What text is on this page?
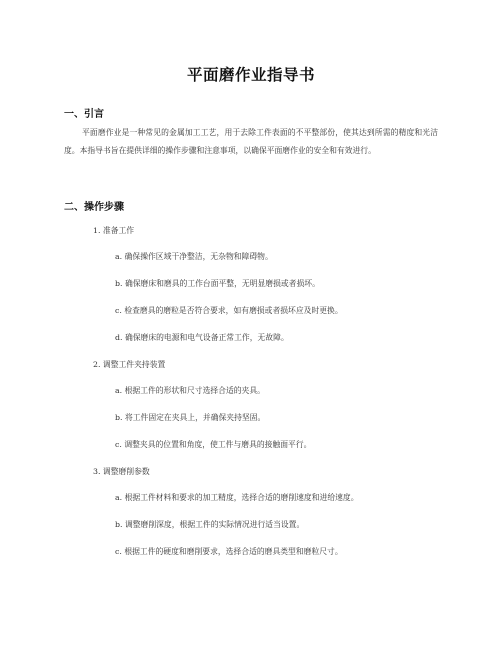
平面磨作业指导书
一、引言
平面磨作业是一种常见的金属加工工艺，用于去除工件表面的不平整部份，使其达到所需的精度和光洁度。本指导书旨在提供详细的操作步骤和注意事项，以确保平面磨作业的安全和有效进行。
二、操作步骤
1. 准备工作
a. 确保操作区域干净整洁，无杂物和障碍物。
b. 确保磨床和磨具的工作台面平整，无明显磨损或者损坏。
c. 检查磨具的磨粒是否符合要求，如有磨损或者损坏应及时更换。
d. 确保磨床的电源和电气设备正常工作，无故障。
2. 调整工件夹持装置
a. 根据工件的形状和尺寸选择合适的夹具。
b. 将工件固定在夹具上，并确保夹持坚固。
c. 调整夹具的位置和角度，使工件与磨具的接触面平行。
3. 调整磨削参数
a. 根据工件材料和要求的加工精度，选择合适的磨削速度和进给速度。
b. 调整磨削深度，根据工件的实际情况进行适当设置。
c. 根据工件的硬度和磨削要求，选择合适的磨具类型和磨粒尺寸。
